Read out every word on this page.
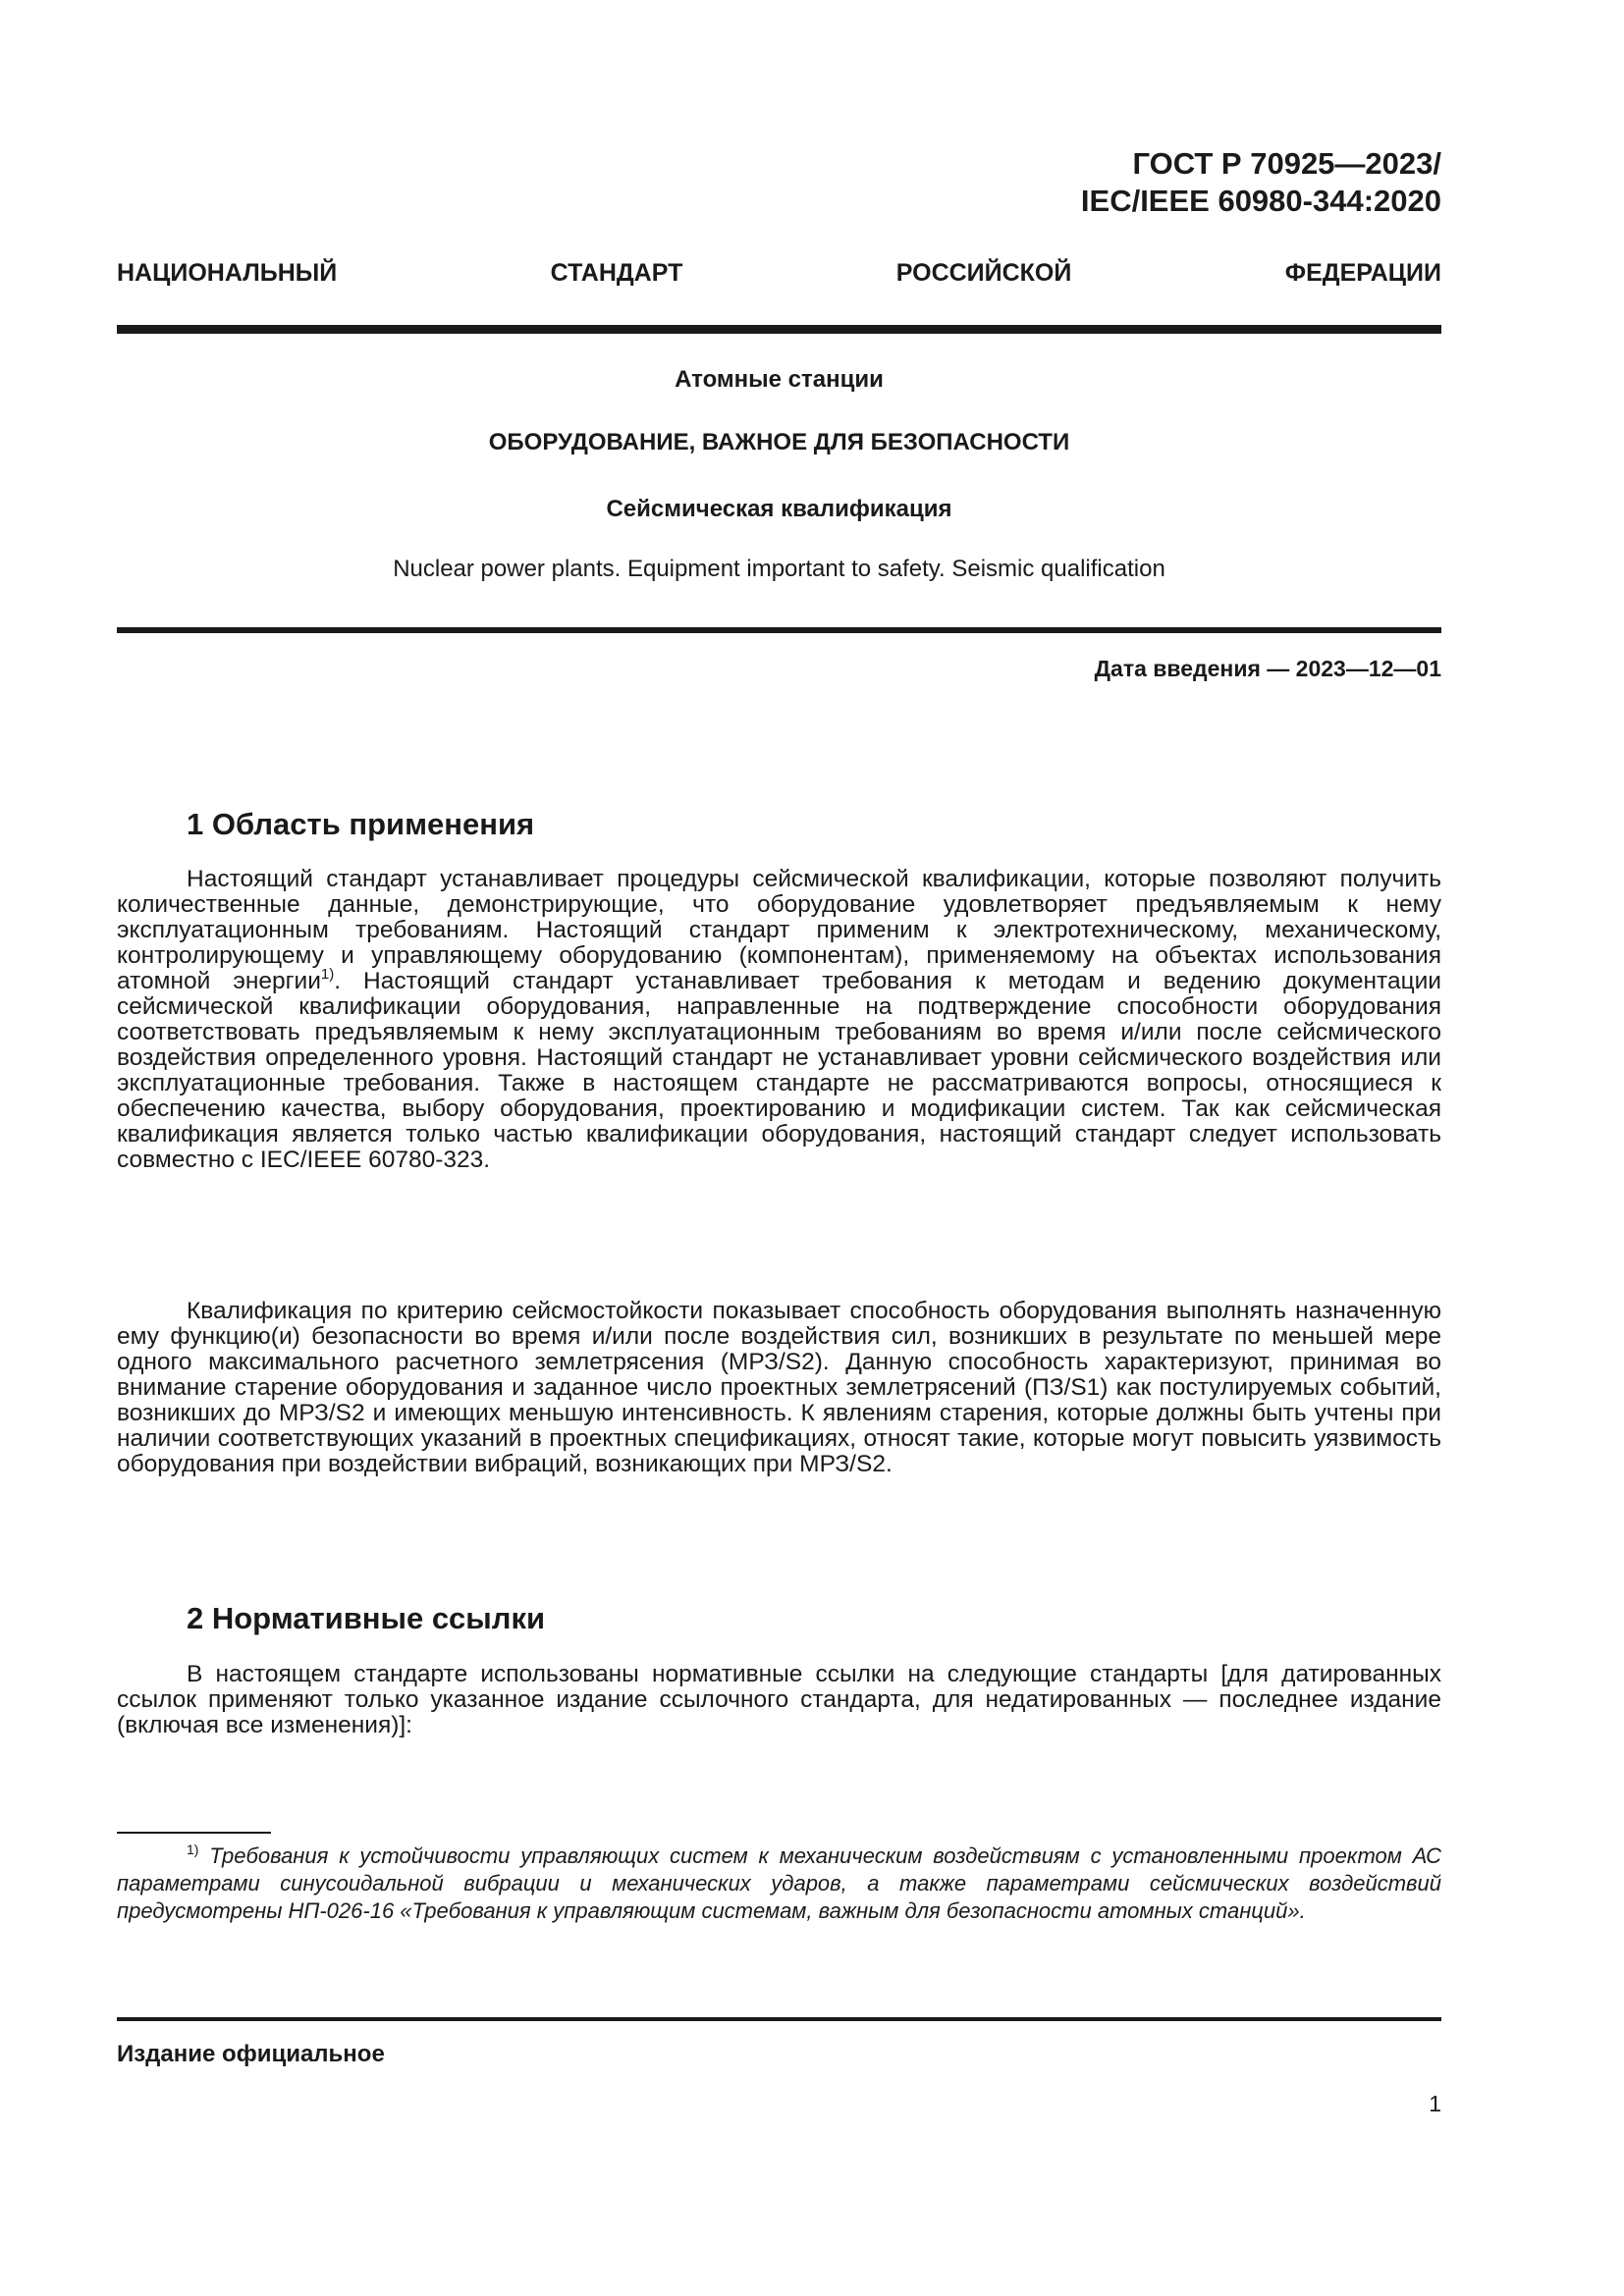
ГОСТ Р 70925—2023/
IEC/IEEE 60980-344:2020
НАЦИОНАЛЬНЫЙ СТАНДАРТ РОССИЙСКОЙ ФЕДЕРАЦИИ
Атомные станции
ОБОРУДОВАНИЕ, ВАЖНОЕ ДЛЯ БЕЗОПАСНОСТИ
Сейсмическая квалификация
Nuclear power plants. Equipment important to safety. Seismic qualification
Дата введения — 2023—12—01
1 Область применения
Настоящий стандарт устанавливает процедуры сейсмической квалификации, которые позволяют получить количественные данные, демонстрирующие, что оборудование удовлетворяет предъявляемым к нему эксплуатационным требованиям. Настоящий стандарт применим к электротехническому, механическому, контролирующему и управляющему оборудованию (компонентам), применяемому на объектах использования атомной энергии$^{1)}$. Настоящий стандарт устанавливает требования к методам и ведению документации сейсмической квалификации оборудования, направленные на подтверждение способности оборудования соответствовать предъявляемым к нему эксплуатационным требованиям во время и/или после сейсмического воздействия определенного уровня. Настоящий стандарт не устанавливает уровни сейсмического воздействия или эксплуатационные требования. Также в настоящем стандарте не рассматриваются вопросы, относящиеся к обеспечению качества, выбору оборудования, проектированию и модификации систем. Так как сейсмическая квалификация является только частью квалификации оборудования, настоящий стандарт следует использовать совместно с IEC/IEEE 60780-323.
Квалификация по критерию сейсмостойкости показывает способность оборудования выполнять назначенную ему функцию(и) безопасности во время и/или после воздействия сил, возникших в результате по меньшей мере одного максимального расчетного землетрясения (МРЗ/S2). Данную способность характеризуют, принимая во внимание старение оборудования и заданное число проектных землетрясений (ПЗ/S1) как постулируемых событий, возникших до МРЗ/S2 и имеющих меньшую интенсивность. К явлениям старения, которые должны быть учтены при наличии соответствующих указаний в проектных спецификациях, относят такие, которые могут повысить уязвимость оборудования при воздействии вибраций, возникающих при МРЗ/S2.
2 Нормативные ссылки
В настоящем стандарте использованы нормативные ссылки на следующие стандарты [для датированных ссылок применяют только указанное издание ссылочного стандарта, для недатированных — последнее издание (включая все изменения)]:
$^{1)}$ Требования к устойчивости управляющих систем к механическим воздействиям с установленными проектом АС параметрами синусоидальной вибрации и механических ударов, а также параметрами сейсмических воздействий предусмотрены НП-026-16 «Требования к управляющим системам, важным для безопасности атомных станций».
Издание официальное
1
